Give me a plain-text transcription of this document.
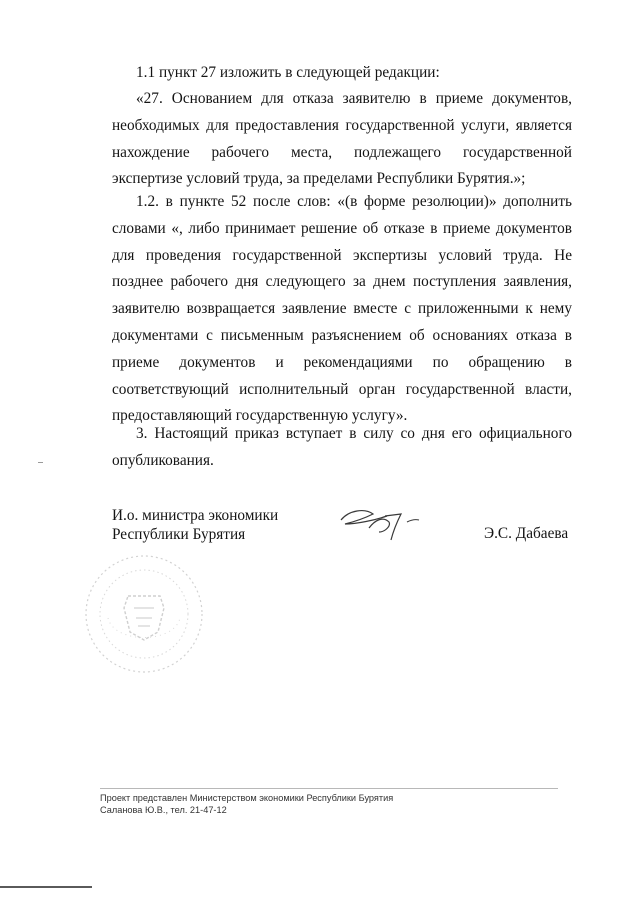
1.1 пункт 27 изложить в следующей редакции:

«27. Основанием для отказа заявителю в приеме документов, необходимых для предоставления государственной услуги, является нахождение рабочего места, подлежащего государственной экспертизе условий труда, за пределами Республики Бурятия.»;

1.2. в пункте 52 после слов: «(в форме резолюции)» дополнить словами «, либо принимает решение об отказе в приеме документов для проведения государственной экспертизы условий труда. Не позднее рабочего дня следующего за днем поступления заявления, заявителю возвращается заявление вместе с приложенными к нему документами с письменным разъяснением об основаниях отказа в приеме документов и рекомендациями по обращению в соответствующий исполнительный орган государственной власти, предоставляющий государственную услугу».

3. Настоящий приказ вступает в силу со дня его официального опубликования.

И.о. министра экономики
Республики Бурятия	Э.С. Дабаева
Проект представлен Министерством экономики Республики Бурятия
Саланова Ю.В., тел. 21-47-12
